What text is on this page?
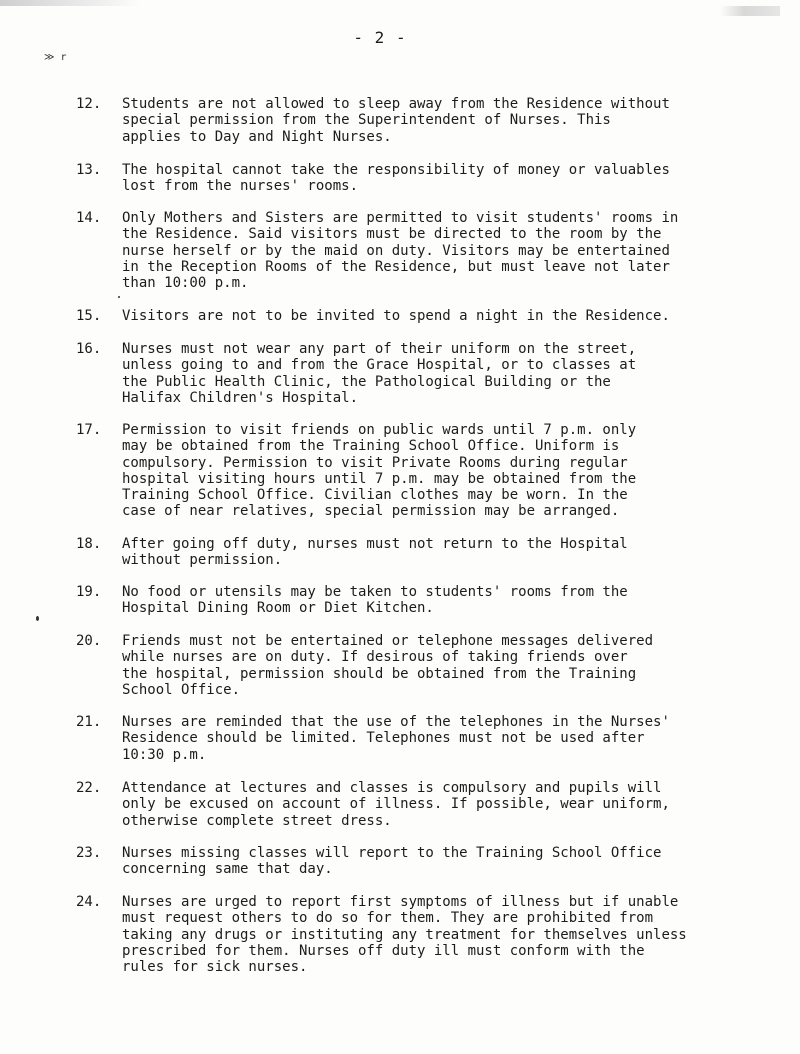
- 2 -
≫ r
12. Students are not allowed to sleep away from the Residence without
special permission from the Superintendent of Nurses. This
applies to Day and Night Nurses.
13. The hospital cannot take the responsibility of money or valuables
lost from the nurses' rooms.
14. Only Mothers and Sisters are permitted to visit students' rooms in
the Residence. Said visitors must be directed to the room by the
nurse herself or by the maid on duty. Visitors may be entertained
in the Reception Rooms of the Residence, but must leave not later
than 10:00 p.m.
15. Visitors are not to be invited to spend a night in the Residence.
16. Nurses must not wear any part of their uniform on the street,
unless going to and from the Grace Hospital, or to classes at
the Public Health Clinic, the Pathological Building or the
Halifax Children's Hospital.
17. Permission to visit friends on public wards until 7 p.m. only
may be obtained from the Training School Office. Uniform is
compulsory. Permission to visit Private Rooms during regular
hospital visiting hours until 7 p.m. may be obtained from the
Training School Office. Civilian clothes may be worn. In the
case of near relatives, special permission may be arranged.
18. After going off duty, nurses must not return to the Hospital
without permission.
19. No food or utensils may be taken to students' rooms from the
Hospital Dining Room or Diet Kitchen.
20. Friends must not be entertained or telephone messages delivered
while nurses are on duty. If desirous of taking friends over
the hospital, permission should be obtained from the Training
School Office.
21. Nurses are reminded that the use of the telephones in the Nurses'
Residence should be limited. Telephones must not be used after
10:30 p.m.
22. Attendance at lectures and classes is compulsory and pupils will
only be excused on account of illness. If possible, wear uniform,
otherwise complete street dress.
23. Nurses missing classes will report to the Training School Office
concerning same that day.
24. Nurses are urged to report first symptoms of illness but if unable
must request others to do so for them. They are prohibited from
taking any drugs or instituting any treatment for themselves unless
prescribed for them. Nurses off duty ill must conform with the
rules for sick nurses.
